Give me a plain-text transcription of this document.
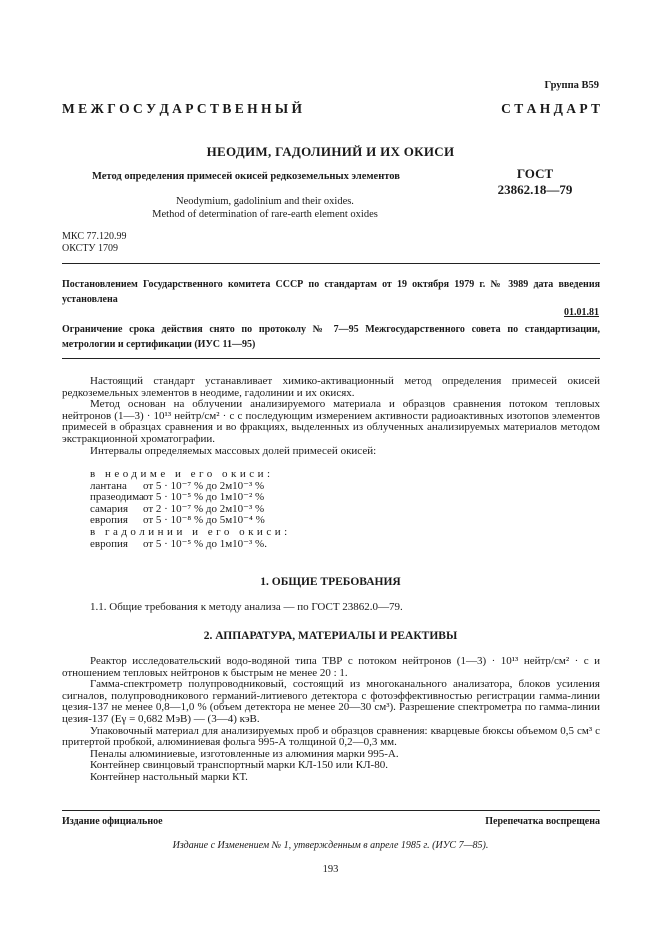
Группа В59
М Е Ж Г О С У Д А Р С Т В Е Н Н Ы Й	С Т А Н Д А Р Т
НЕОДИМ, ГАДОЛИНИЙ И ИХ ОКИСИ
Метод определения примесей окисей редкоземельных элементов	ГОСТ
23862.18—79
Neodymium, gadolinium and their oxides.
Method of determination of rare-earth element oxides
МКС 77.120.99
ОКСТУ 1709
Постановлением Государственного комитета СССР по стандартам от 19 октября 1979 г. № 3989 дата введения установлена
01.01.81
Ограничение срока действия снято по протоколу № 7—95 Межгосударственного совета по стандартизации, метрологии и сертификации (ИУС 11—95)

Настоящий стандарт устанавливает химико-активационный метод определения примесей окисей редкоземельных элементов в неодиме, гадолинии и их окисях.

Метод основан на облучении анализируемого материала и образцов сравнения потоком тепловых нейтронов (1—3) · 10¹³ нейтр/см² · с с последующим измерением активности радиоактивных изотопов элементов примесей в образцах сравнения и во фракциях, выделенных из облученных анализируемых материалов методом экстракционной хроматографии.

Интервалы определяемых массовых долей примесей окисей:

в неодиме и его окиси:
лантана от 5 · 10⁻⁷ % до 2м10⁻³ %
празеодимаот 5 · 10⁻⁵ % до 1м10⁻² %
самария от 2 · 10⁻⁷ % до 2м10⁻³ %
европия от 5 · 10⁻⁸ % до 5м10⁻⁴ %
в гадолинии и его окиси:
европия от 5 · 10⁻⁵ % до 1м10⁻³ %.
1. ОБЩИЕ ТРЕБОВАНИЯ

1.1. Общие требования к методу анализа — по ГОСТ 23862.0—79.

2. АППАРАТУРА, МАТЕРИАЛЫ И РЕАКТИВЫ

Реактор исследовательский водо-водяной типа ТВР с потоком нейтронов (1—3) · 10¹³ нейтр/см² · с и отношением тепловых нейтронов к быстрым не менее 20 : 1.

Гамма-спектрометр полупроводниковый, состоящий из многоканального анализатора, блоков усиления сигналов, полупроводникового германий-литиевого детектора с фотоэффективностью регистрации гамма-линии цезия-137 не менее 0,8—1,0 % (объем детектора не менее 20—30 см³). Разрешение спектрометра по гамма-линии цезия-137 (Eγ = 0,682 МэВ) — (3—4) кэВ.

Упаковочный материал для анализируемых проб и образцов сравнения: кварцевые бюксы объемом 0,5 см³ с притертой пробкой, алюминиевая фольга 995-А толщиной 0,2—0,3 мм.

Пеналы алюминиевые, изготовленные из алюминия марки 995-А.

Контейнер свинцовый транспортный марки КЛ-150 или КЛ-80.

Контейнер настольный марки КТ.

Издание официальное	Перепечатка воспрещена
Издание с Изменением № 1, утвержденным в апреле 1985 г. (ИУС 7—85).
193
